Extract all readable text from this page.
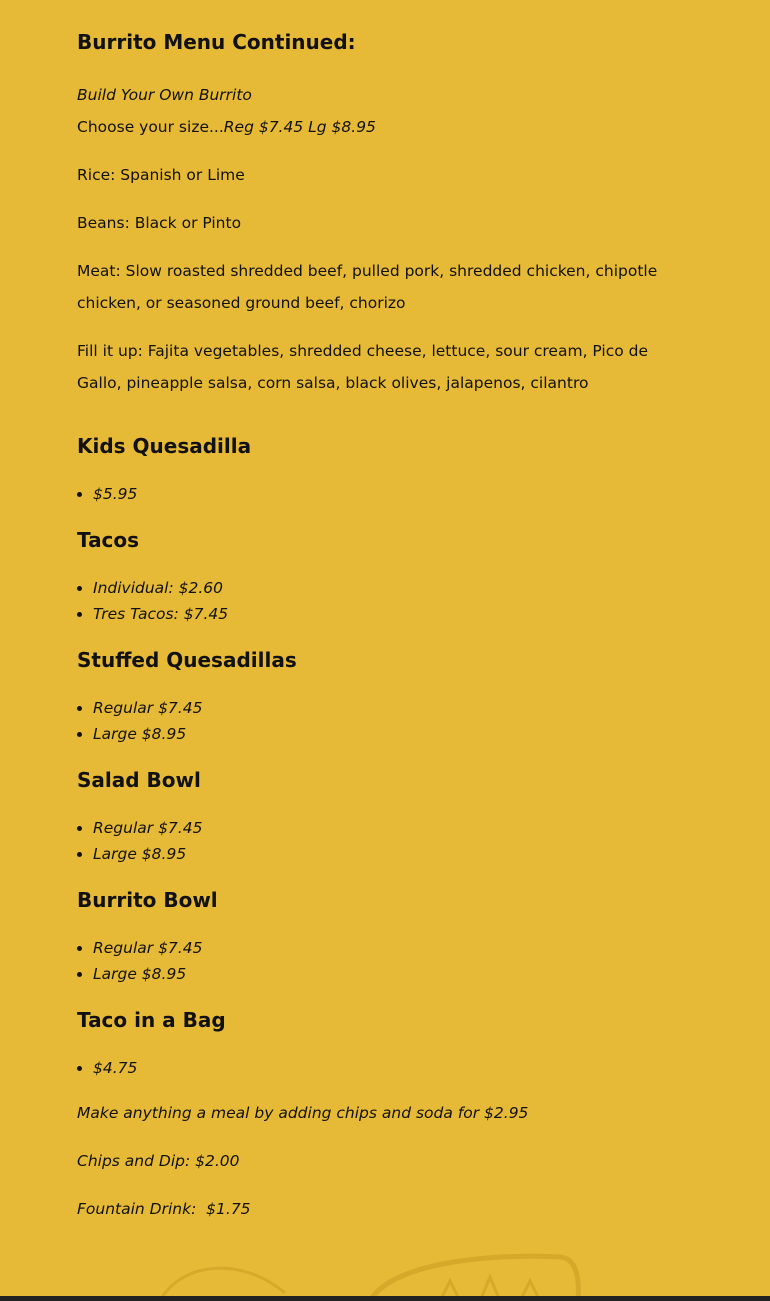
Burrito Menu Continued:

Build Your Own Burrito

Choose your size...Reg $7.45 Lg $8.95

Rice: Spanish or Lime

Beans: Black or Pinto

Meat: Slow roasted shredded beef, pulled pork, shredded chicken, chipotle chicken, or seasoned ground beef, chorizo

Fill it up: Fajita vegetables, shredded cheese, lettuce, sour cream, Pico de Gallo, pineapple salsa, corn salsa, black olives, jalapenos, cilantro

Kids Quesadilla
• $5.95
Tacos
• Individual: $2.60
• Tres Tacos: $7.45
Stuffed Quesadillas
• Regular $7.45
• Large $8.95
Salad Bowl
• Regular $7.45
• Large $8.95
Burrito Bowl
• Regular $7.45
• Large $8.95
Taco in a Bag
• $4.75

Make anything a meal by adding chips and soda for $2.95

Chips and Dip: $2.00

Fountain Drink:  $1.75
